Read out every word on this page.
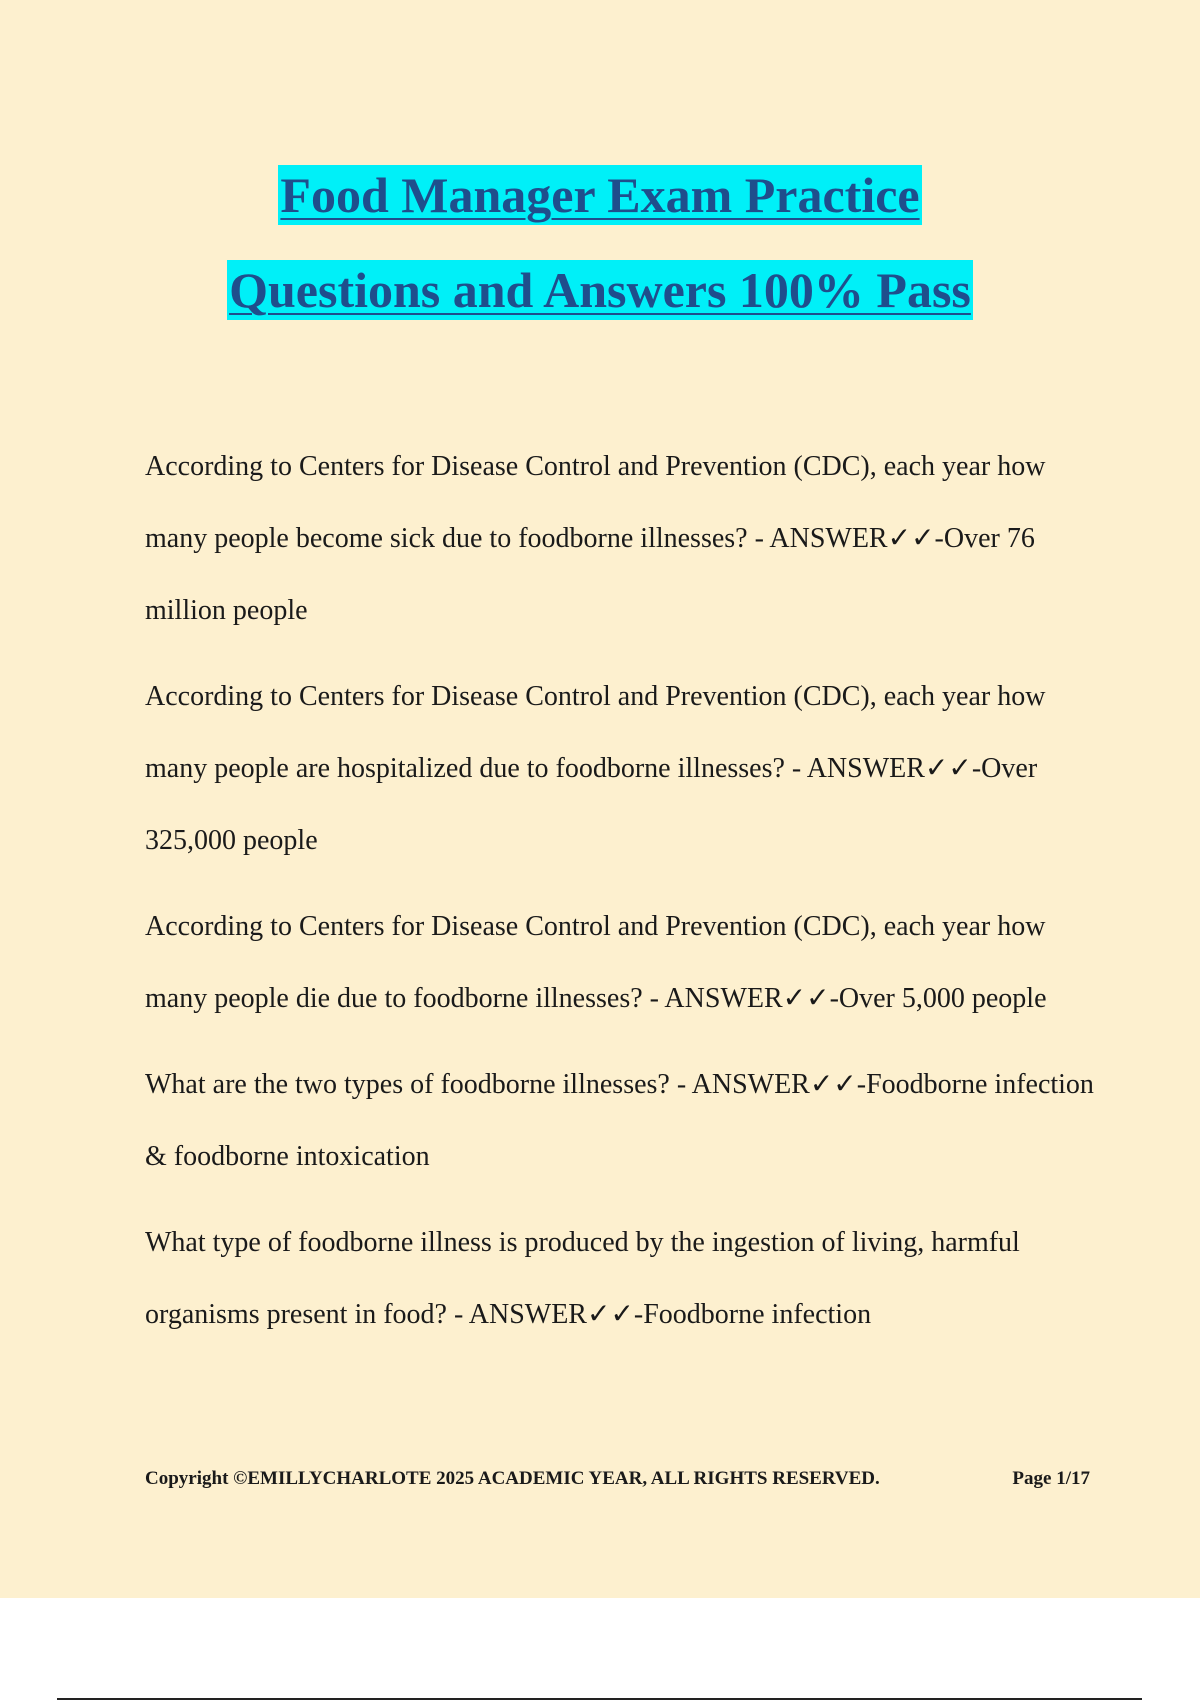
Food Manager Exam Practice
Questions and Answers 100% Pass

According to Centers for Disease Control and Prevention (CDC), each year how many people become sick due to foodborne illnesses? - ANSWER✓✓-Over 76 million people

According to Centers for Disease Control and Prevention (CDC), each year how many people are hospitalized due to foodborne illnesses? - ANSWER✓✓-Over 325,000 people

According to Centers for Disease Control and Prevention (CDC), each year how many people die due to foodborne illnesses? - ANSWER✓✓-Over 5,000 people

What are the two types of foodborne illnesses? - ANSWER✓✓-Foodborne infection & foodborne intoxication

What type of foodborne illness is produced by the ingestion of living, harmful organisms present in food? - ANSWER✓✓-Foodborne infection

Copyright ©EMILLYCHARLOTE 2025 ACADEMIC YEAR, ALL RIGHTS RESERVED.	Page 1/17
